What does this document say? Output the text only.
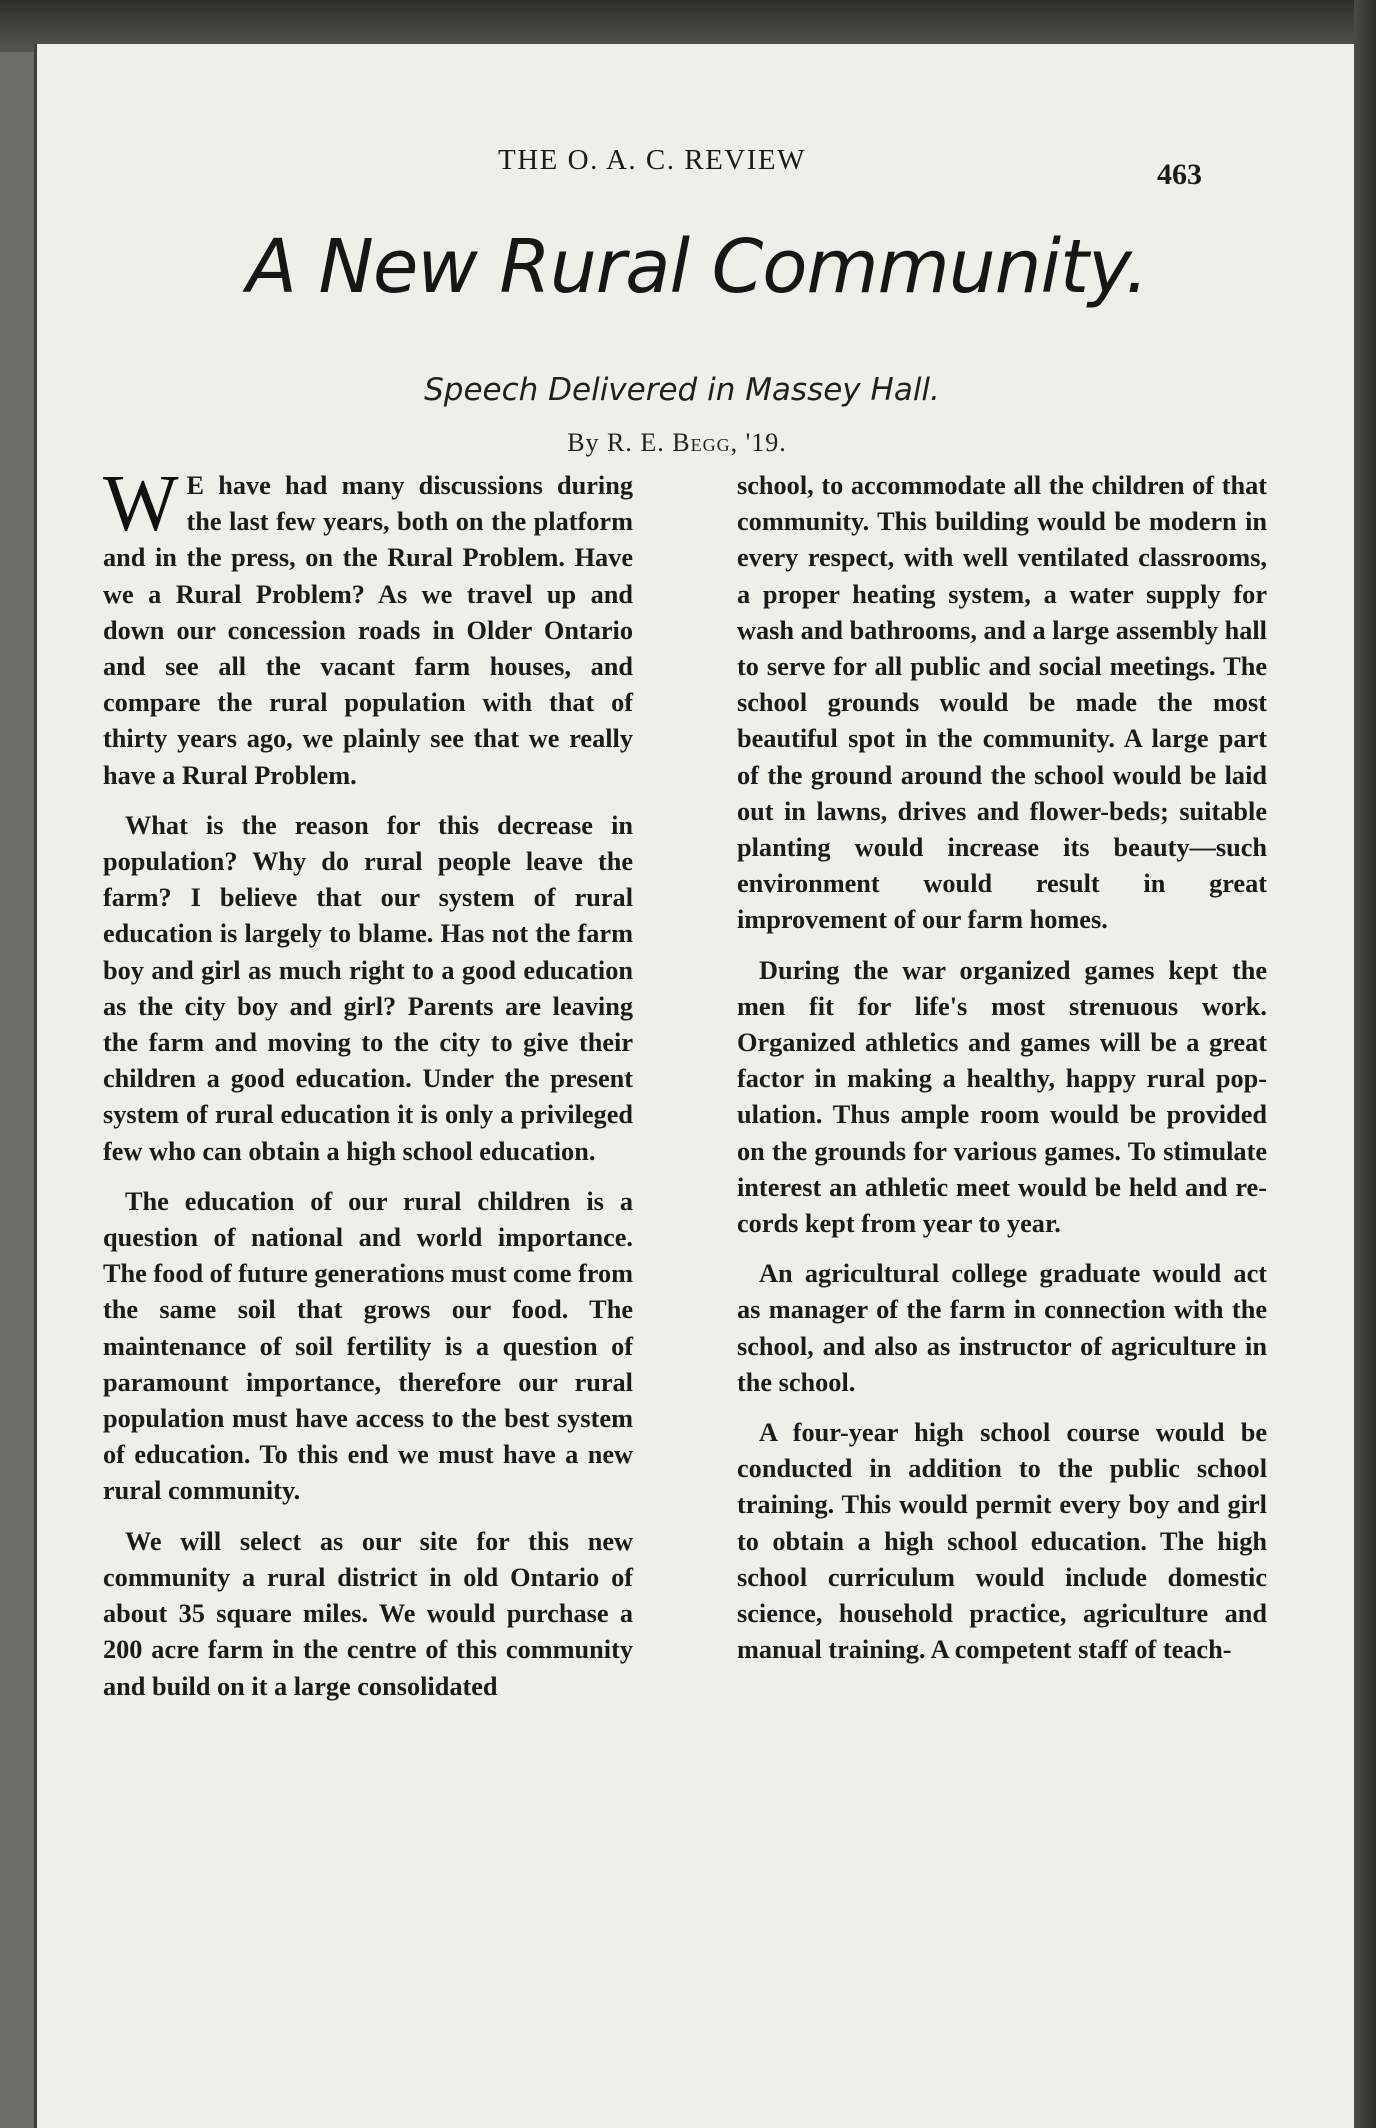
THE O. A. C. REVIEW	463
A New Rural Community.
Speech Delivered in Massey Hall.
By R. E. Begg, '19.

W E have had many discussions during the last few years, both on the platform and in the press, on the Rural Problem. Have we a Rural Problem? As we travel up and down our concession roads in Older Ontario and see all the vacant farm houses, and compare the rural population with that of thirty years ago, we plainly see that we really have a Rural Problem.

What is the reason for this decrease in population? Why do rural people leave the farm? I believe that our system of rural education is largely to blame. Has not the farm boy and girl as much right to a good education as the city boy and girl? Parents are leaving the farm and moving to the city to give their children a good education. Under the present system of rural education it is only a privileged few who can obtain a high school education.

The education of our rural children is a question of national and world importance. The food of future generations must come from the same soil that grows our food. The maintenance of soil fertility is a question of paramount importance, therefore our rural population must have access to the best system of education. To this end we must have a new rural community.

We will select as our site for this new community a rural district in old Ontario of about 35 square miles. We would purchase a 200 acre farm in the centre of this community and build on it a large consolidated

school, to accommodate all the children of that community. This building would be modern in every respect, with well ventilated classrooms, a proper heating system, a water supply for wash and bathrooms, and a large assembly hall to serve for all public and social meetings. The school grounds would be made the most beautiful spot in the community. A large part of the ground around the school would be laid out in lawns, drives and flower-beds; suitable planting would increase its beauty—such environment would result in great improvement of our farm homes.

During the war organized games kept the men fit for life's most strenuous work. Organized athletics and games will be a great factor in making a healthy, happy rural population. Thus ample room would be provided on the grounds for various games. To stimulate interest an athletic meet would be held and records kept from year to year.

An agricultural college graduate would act as manager of the farm in connection with the school, and also as instructor of agriculture in the school.

A four-year high school course would be conducted in addition to the public school training. This would permit every boy and girl to obtain a high school education. The high school curriculum would include domestic science, household practice, agriculture and manual training. A competent staff of teach-
